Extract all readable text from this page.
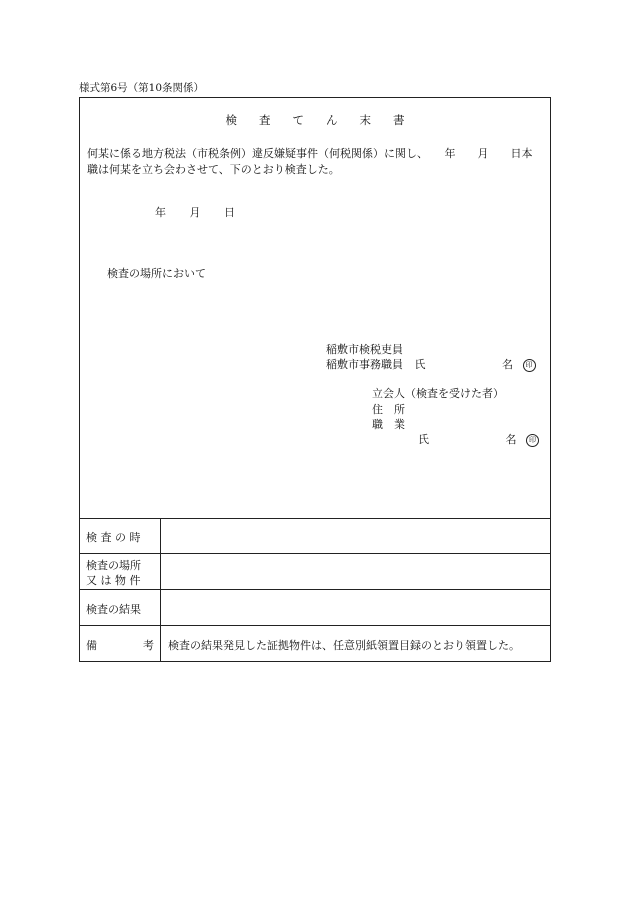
様式第6号（第10条関係）
検 査 て ん 末 書
何某に係る地方税法（市税条例）違反嫌疑事件（何税関係）に関し、　　年　　月　　日本
職は何某を立ち会わさせて、下のとおり検査した。
年 月 日
検査の場所において
稲敷市検税吏員
稲敷市事務職員 氏	名 印
立会人（検査を受けた者）
住　所
職　業
氏	名 印
検 査 の 時
検査の場所
又 は 物 件
検査の結果
備	考 検査の結果発見した証拠物件は、任意別紙領置目録のとおり領置した。
